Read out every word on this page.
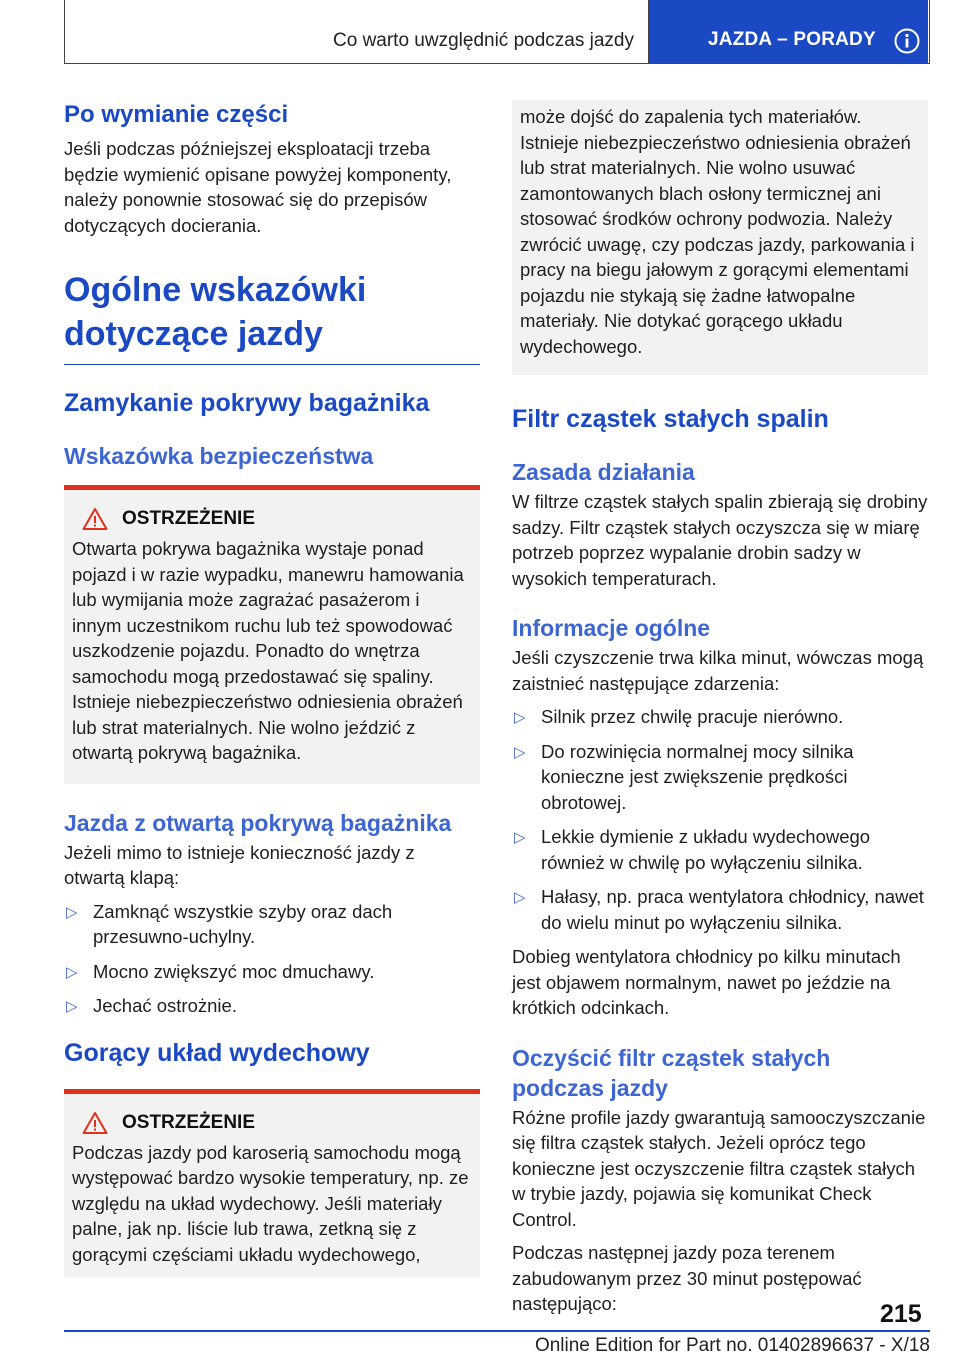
Co warto uwzględnić podczas jazdy	JAZDA – PORADY
Po wymianie części

Jeśli podczas późniejszej eksploatacji trzeba będzie wymienić opisane powyżej komponenty, należy ponownie stosować się do przepisów dotyczących docierania.

Ogólne wskazówki dotyczące jazdy
Zamykanie pokrywy bagażnika
Wskazówka bezpieczeństwa
OSTRZEŻENIE

Otwarta pokrywa bagażnika wystaje ponad pojazd i w razie wypadku, manewru hamowania lub wymijania może zagrażać pasażerom i innym uczestnikom ruchu lub też spowodować uszkodzenie pojazdu. Ponadto do wnętrza samochodu mogą przedostawać się spaliny. Istnieje niebezpieczeństwo odniesienia obrażeń lub strat materialnych. Nie wolno jeździć z otwartą pokrywą bagażnika.

Jazda z otwartą pokrywą bagażnika

Jeżeli mimo to istnieje konieczność jazdy z otwartą klapą:

▷ Zamknąć wszystkie szyby oraz dach przesuwno-uchylny.
▷ Mocno zwiększyć moc dmuchawy.
▷ Jechać ostrożnie.
Gorący układ wydechowy
OSTRZEŻENIE

Podczas jazdy pod karoserią samochodu mogą występować bardzo wysokie temperatury, np. ze względu na układ wydechowy. Jeśli materiały palne, jak np. liście lub trawa, zetkną się z gorącymi częściami układu wydechowego,

może dojść do zapalenia tych materiałów. Istnieje niebezpieczeństwo odniesienia obrażeń lub strat materialnych. Nie wolno usuwać zamontowanych blach osłony termicznej ani stosować środków ochrony podwozia. Należy zwrócić uwagę, czy podczas jazdy, parkowania i pracy na biegu jałowym z gorącymi elementami pojazdu nie stykają się żadne łatwopalne materiały. Nie dotykać gorącego układu wydechowego.

Filtr cząstek stałych spalin
Zasada działania

W filtrze cząstek stałych spalin zbierają się drobiny sadzy. Filtr cząstek stałych oczyszcza się w miarę potrzeb poprzez wypalanie drobin sadzy w wysokich temperaturach.

Informacje ogólne

Jeśli czyszczenie trwa kilka minut, wówczas mogą zaistnieć następujące zdarzenia:

▷ Silnik przez chwilę pracuje nierówno.
▷ Do rozwinięcia normalnej mocy silnika konieczne jest zwiększenie prędkości obrotowej.
▷ Lekkie dymienie z układu wydechowego również w chwilę po wyłączeniu silnika.
▷ Hałasy, np. praca wentylatora chłodnicy, nawet do wielu minut po wyłączeniu silnika.

Dobieg wentylatora chłodnicy po kilku minutach jest objawem normalnym, nawet po jeździe na krótkich odcinkach.

Oczyścić filtr cząstek stałych podczas jazdy

Różne profile jazdy gwarantują samooczyszczanie się filtra cząstek stałych. Jeżeli oprócz tego konieczne jest oczyszczenie filtra cząstek stałych w trybie jazdy, pojawia się komunikat Check Control.

Podczas następnej jazdy poza terenem zabudowanym przez 30 minut postępować następująco:	215
Online Edition for Part no. 01402896637 - X/18
